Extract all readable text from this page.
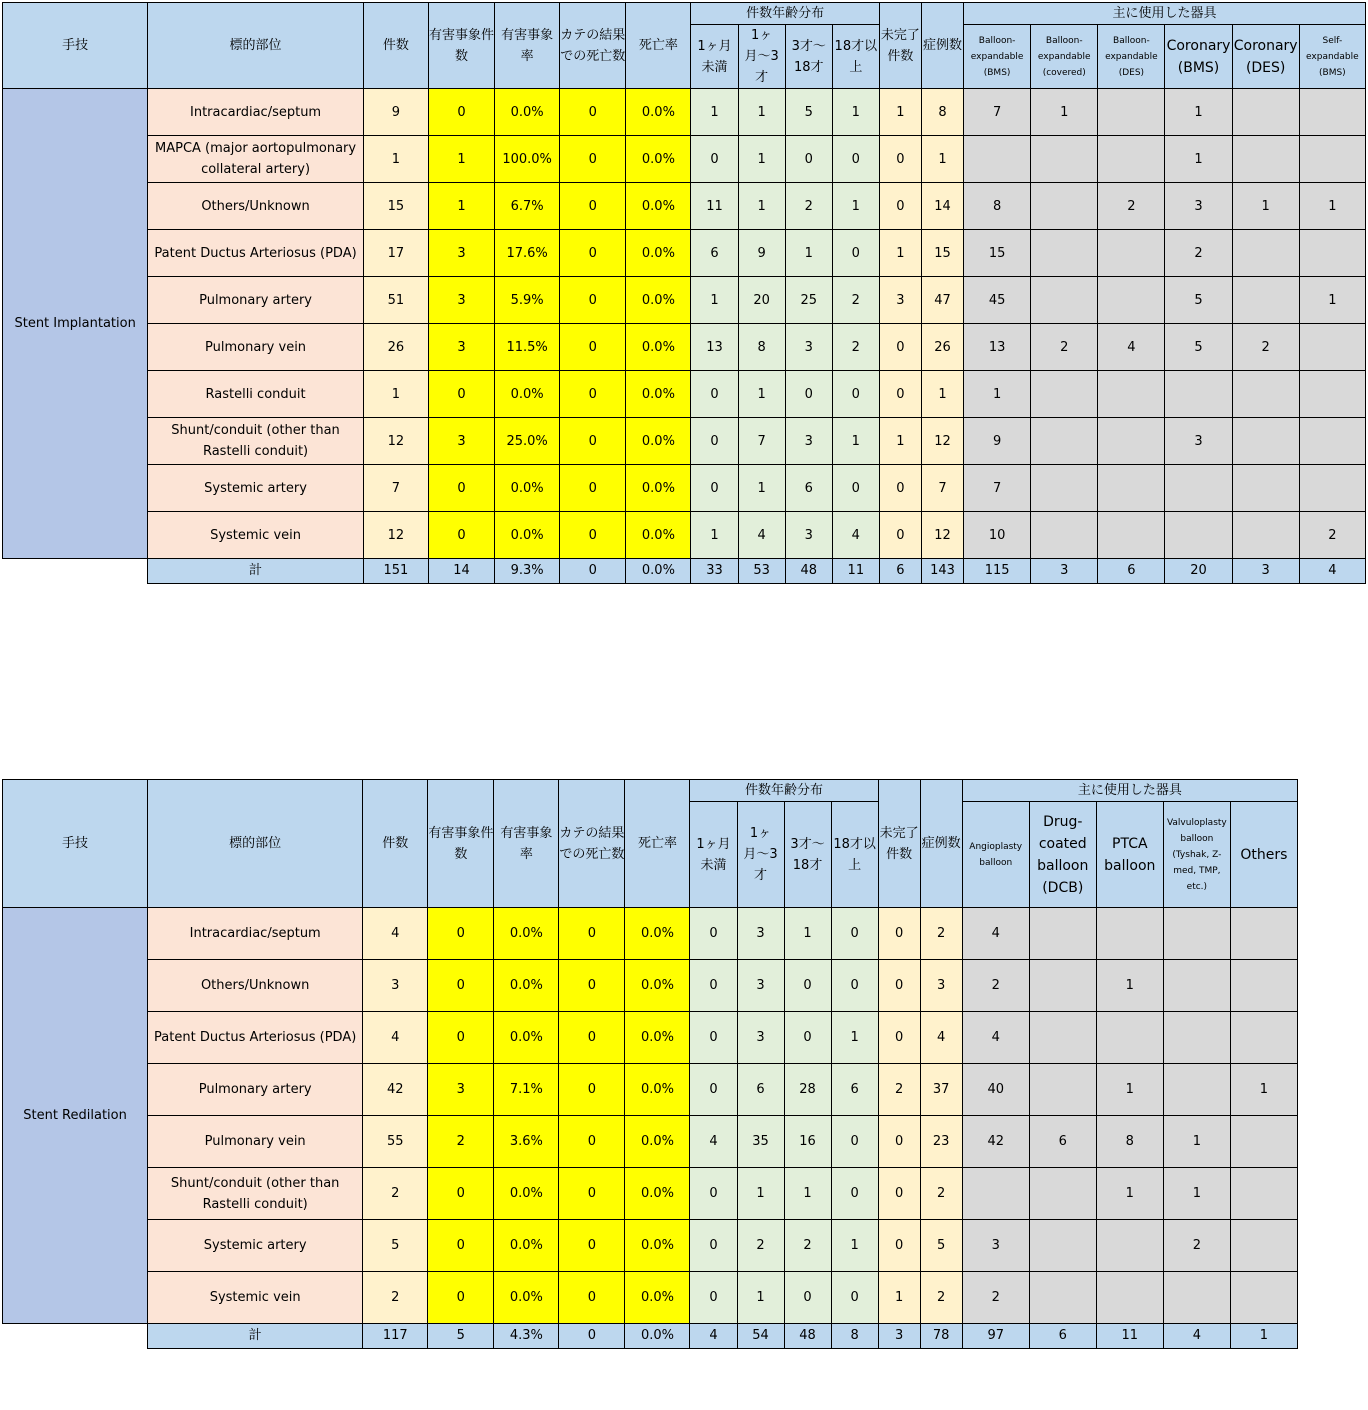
手技	標的部位	件数	有害事象件数	有害事象率	カテの結果での死亡数	死亡率	件数年齢分布				未完了件数	症例数	主に使用した器具					
							1ヶ月未満	1ヶ月〜3才	3才〜18才	18才以上			Balloon-expandable (BMS)	Balloon-expandable (covered)	Balloon-expandable (DES)	Coronary (BMS)	Coronary (DES)	Self-expandable (BMS)
Stent Implantation	Intracardiac/septum	9	0	0.0%	0	0.0%	1	1	5	1	1	8	7	1		1		
	MAPCA (major aortopulmonary collateral artery)	1	1	100.0%	0	0.0%	0	1	0	0	0	1				1		
	Others/Unknown	15	1	6.7%	0	0.0%	11	1	2	1	0	14	8		2	3	1	1
	Patent Ductus Arteriosus (PDA)	17	3	17.6%	0	0.0%	6	9	1	0	1	15	15			2		
	Pulmonary artery	51	3	5.9%	0	0.0%	1	20	25	2	3	47	45			5		1
	Pulmonary vein	26	3	11.5%	0	0.0%	13	8	3	2	0	26	13	2	4	5	2	
	Rastelli conduit	1	0	0.0%	0	0.0%	0	1	0	0	0	1	1					
	Shunt/conduit (other than Rastelli conduit)	12	3	25.0%	0	0.0%	0	7	3	1	1	12	9			3		
	Systemic artery	7	0	0.0%	0	0.0%	0	1	6	0	0	7	7					
	Systemic vein	12	0	0.0%	0	0.0%	1	4	3	4	0	12	10					2
	計	151	14	9.3%	0	0.0%	33	53	48	11	6	143	115	3	6	20	3	4
手技	標的部位	件数	有害事象件数	有害事象率	カテの結果での死亡数	死亡率	件数年齢分布				未完了件数	症例数	主に使用した器具				
							1ヶ月未満	1ヶ月〜3才	3才〜18才	18才以上			Angioplasty balloon	Drug-coated balloon (DCB)	PTCA balloon	Valvuloplasty balloon (Tyshak, Z-med, TMP, etc.)	Others
Stent Redilation	Intracardiac/septum	4	0	0.0%	0	0.0%	0	3	1	0	0	2	4				
	Others/Unknown	3	0	0.0%	0	0.0%	0	3	0	0	0	3	2		1		
	Patent Ductus Arteriosus (PDA)	4	0	0.0%	0	0.0%	0	3	0	1	0	4	4				
	Pulmonary artery	42	3	7.1%	0	0.0%	0	6	28	6	2	37	40		1		1
	Pulmonary vein	55	2	3.6%	0	0.0%	4	35	16	0	0	23	42	6	8	1	
	Shunt/conduit (other than Rastelli conduit)	2	0	0.0%	0	0.0%	0	1	1	0	0	2			1	1	
	Systemic artery	5	0	0.0%	0	0.0%	0	2	2	1	0	5	3			2	
	Systemic vein	2	0	0.0%	0	0.0%	0	1	0	0	1	2	2				
	計	117	5	4.3%	0	0.0%	4	54	48	8	3	78	97	6	11	4	1
